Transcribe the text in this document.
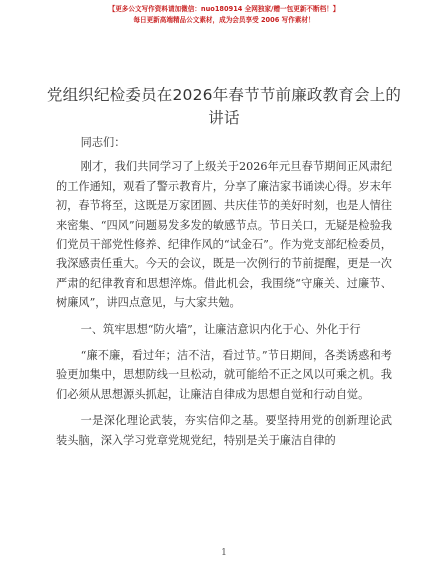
【更多公文写作资料请加微信：nuo180914 全网独家/赠一包更新不断档！】
每日更新高端精品公文素材，成为会员享受 2006 写作素材！
党组织纪检委员在2026年春节节前廉政教育会上的讲话

同志们：

刚才，我们共同学习了上级关于2026年元旦春节期间正风肃纪的工作通知，观看了警示教育片，分享了廉洁家书诵读心得。岁末年初，春节将至，这既是万家团圆、共庆佳节的美好时刻，也是人情往来密集、“四风”问题易发多发的敏感节点。节日关口，无疑是检验我们党员干部党性修养、纪律作风的“试金石”。作为党支部纪检委员，我深感责任重大。今天的会议，既是一次例行的节前提醒，更是一次严肃的纪律教育和思想淬炼。借此机会，我围绕“守廉关、过廉节、树廉风”，讲四点意见，与大家共勉。

一、筑牢思想“防火墙”，让廉洁意识内化于心、外化于行

“廉不廉，看过年；洁不洁，看过节。”节日期间，各类诱惑和考验更加集中，思想防线一旦松动，就可能给不正之风以可乘之机。我们必须从思想源头抓起，让廉洁自律成为思想自觉和行动自觉。

一是深化理论武装，夯实信仰之基。要坚持用党的创新理论武装头脑，深入学习党章党规党纪，特别是关于廉洁自律的

1
